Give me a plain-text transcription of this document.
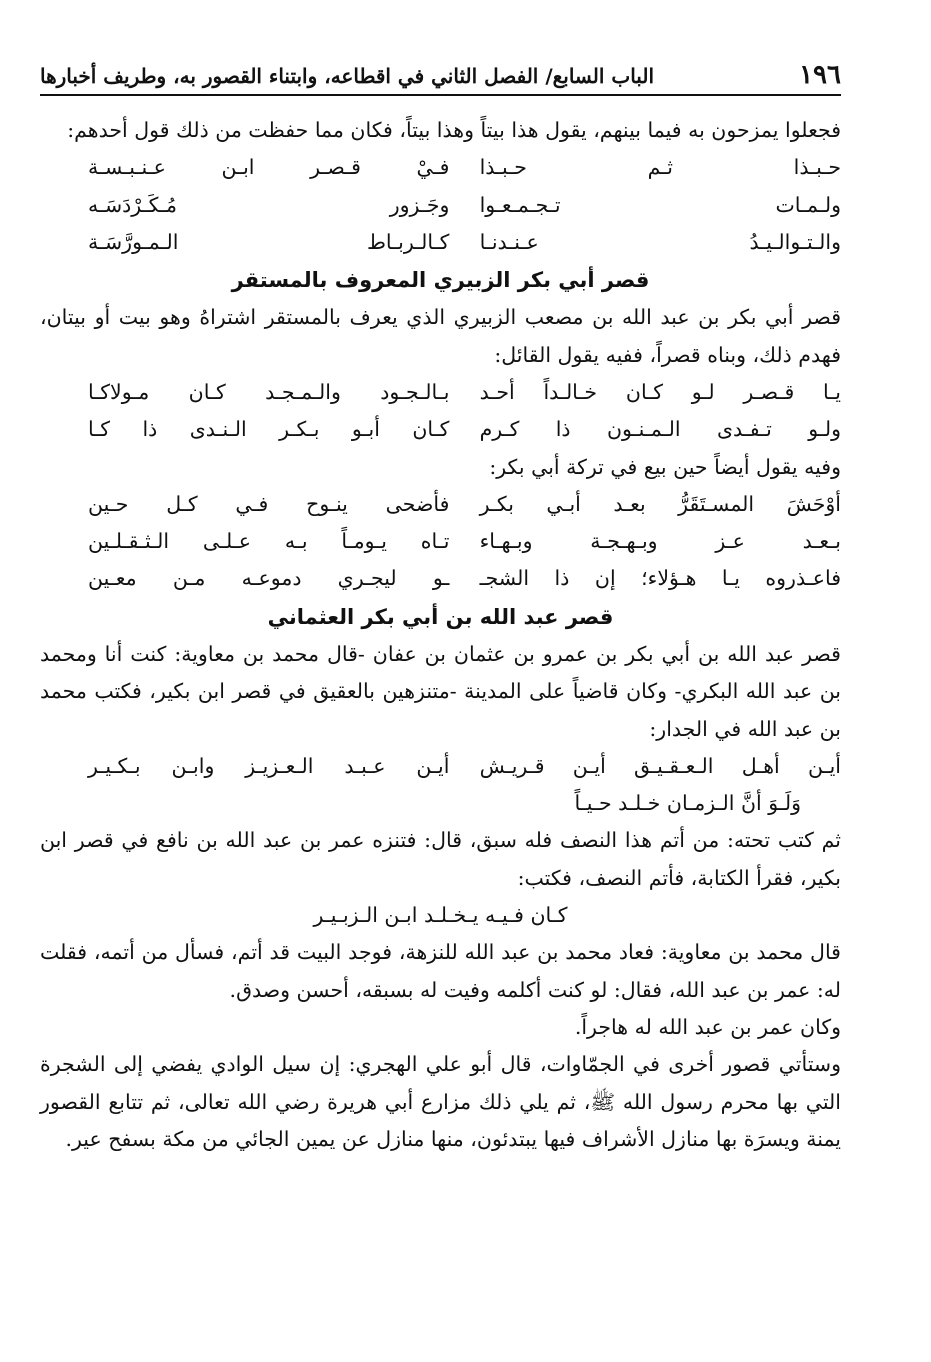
١٩٦
الباب السابع/ الفصل الثاني في اقطاعه، وابتناء القصور به، وطريف أخبارها

فجعلوا يمزحون به فيما بينهم، يقول هذا بيتاً وهذا بيتاً، فكان مما حفظت من ذلك قول أحدهم:

حـبـذا ثـم حـبـذا
فـيْ قـصـر ابـن عـنـبـسـة
ولـمـات تـجـمـعـوا
وجَـزور مُـكَـرْدَسَـه
والـتـوالـيـدُ عـنـدنـا
كـالـربـاط الـمـورَّسَـة

قصر أبي بكر الزبيري المعروف بالمستقر

قصر أبي بكر بن عبد الله بن مصعب الزبيري الذي يعرف بالمستقر اشتراهُ وهو بيت أو بيتان، فهدم ذلك، وبناه قصراً، ففيه يقول القائل:

يـا قـصـر لـو كـان خـالـداً أحـد
بـالـجـود والـمـجـد كـان مـولاكـا
ولـو تـفـدى الـمـنـون ذا كـرم
كـان أبـو بـكـر الـنـدى ذا كـا

وفيه يقول أيضاً حين بيع في تركة أبي بكر:

أوْحَشَ المسـتَقَرُّ بعـد أبـي بكـر
فأضحى ينـوح فـي كـل حـين
بـعـد عـز وبـهـجـة وبـهـاء
تـاه يـومـاً بـه عـلـى الـثـقـلـين
فاعـذروه يـا هـؤلاء؛ إن ذا الشجـ
ـو ليجـري دموعـه مـن معـين

قصر عبد الله بن أبي بكر العثماني

قصر عبد الله بن أبي بكر بن عمرو بن عثمان بن عفان -قال محمد بن معاوية: كنت أنا ومحمد بن عبد الله البكري- وكان قاضياً على المدينة -متنزهين بالعقيق في قصر ابن بكير، فكتب محمد بن عبد الله في الجدار:

أيـن أهـل الـعـقـيـق أيـن قـريـش
أيـن عـبـد الـعـزيـز وابـن بـكـيـر
وَلَـوَ أنَّ الـزمـان خـلـد حـيـاً

ثم كتب تحته: من أتم هذا النصف فله سبق، قال: فتنزه عمر بن عبد الله بن نافع في قصر ابن بكير، فقرأ الكتابة، فأتم النصف، فكتب:

كـان فـيـه يـخـلـد ابـن الـزبـيـر

قال محمد بن معاوية: فعاد محمد بن عبد الله للنزهة، فوجد البيت قد أتم، فسأل من أتمه، فقلت له: عمر بن عبد الله، فقال: لو كنت أكلمه وفيت له بسبقه، أحسن وصدق.

وكان عمر بن عبد الله له هاجراً.

وستأتي قصور أخرى في الجمّاوات، قال أبو علي الهجري: إن سيل الوادي يفضي إلى الشجرة التي بها محرم رسول الله ﷺ، ثم يلي ذلك مزارع أبي هريرة رضي الله تعالى، ثم تتابع القصور يمنة ويسرَة بها منازل الأشراف فيها يبتدئون، منها منازل عن يمين الجائي من مكة بسفح عير.
